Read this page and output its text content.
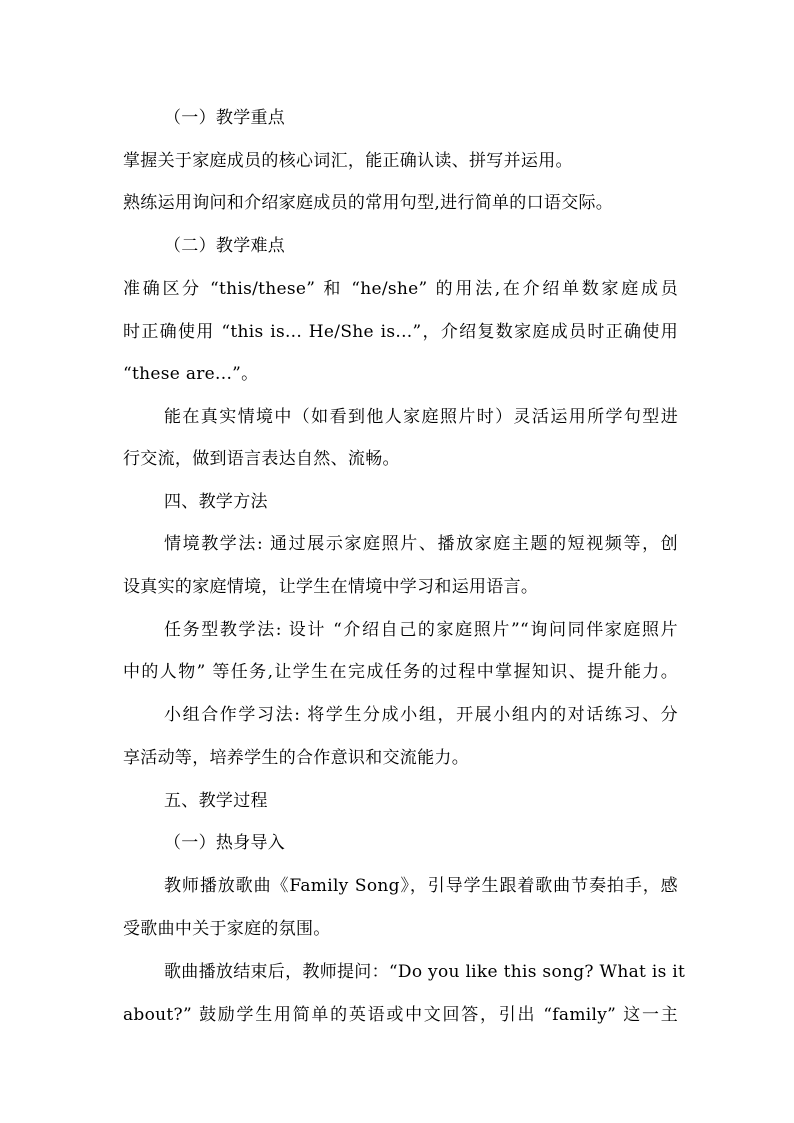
（一）教学重点
掌握关于家庭成员的核心词汇，能正确认读、拼写并运用。
熟练运用询问和介绍家庭成员的常用句型,进行简单的口语交际。
（二）教学难点
准确区分 “this/these” 和 “he/she” 的用法,在介绍单数家庭成员
时正确使用 “this is... He/She is...”，介绍复数家庭成员时正确使用
“these are...”。
能在真实情境中（如看到他人家庭照片时）灵活运用所学句型进
行交流，做到语言表达自然、流畅。
四、教学方法
情境教学法: 通过展示家庭照片、播放家庭主题的短视频等，创
设真实的家庭情境，让学生在情境中学习和运用语言。
任务型教学法: 设计 “介绍自己的家庭照片”“询问同伴家庭照片
中的人物” 等任务,让学生在完成任务的过程中掌握知识、提升能力。
小组合作学习法: 将学生分成小组，开展小组内的对话练习、分
享活动等，培养学生的合作意识和交流能力。
五、教学过程
（一）热身导入
教师播放歌曲《Family Song》，引导学生跟着歌曲节奏拍手，感
受歌曲中关于家庭的氛围。
歌曲播放结束后，教师提问：“Do you like this song? What is it
about?” 鼓励学生用简单的英语或中文回答，引出 “family” 这一主
